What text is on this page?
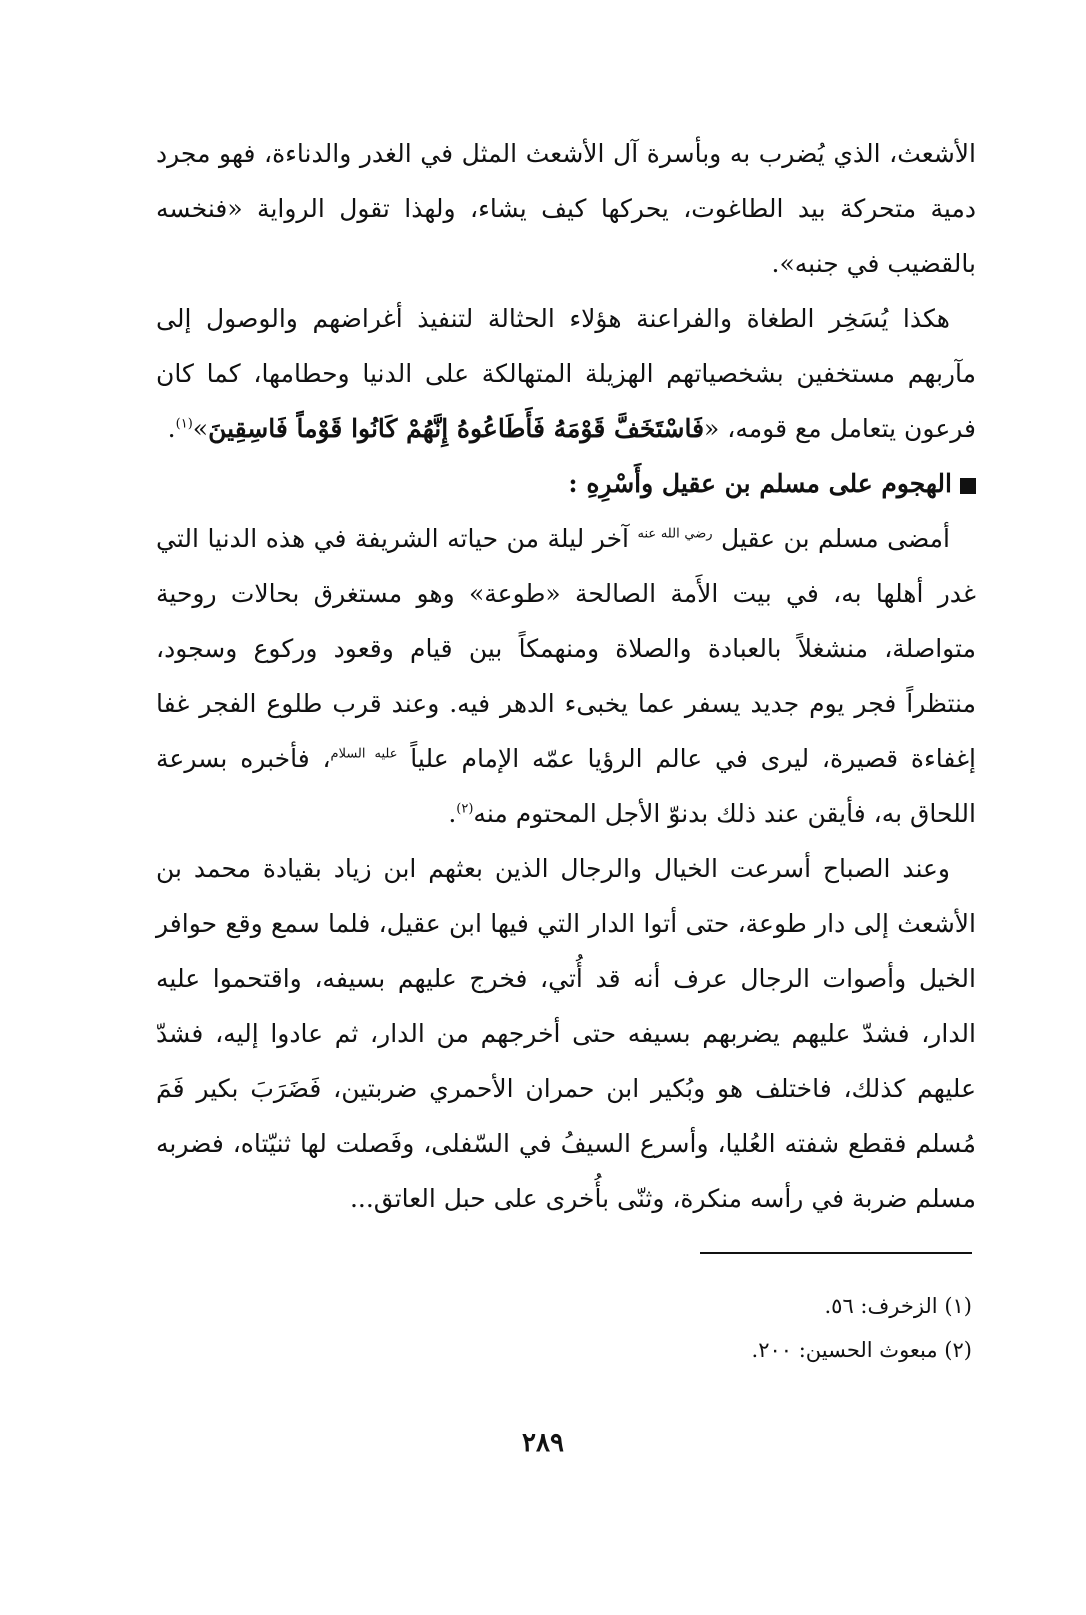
الأشعث، الذي يُضرب به وبأسرة آل الأشعث المثل في الغدر والدناءة، فهو مجرد دمية متحركة بيد الطاغوت، يحركها كيف يشاء، ولهذا تقول الرواية «فنخسه بالقضيب في جنبه».

هكذا يُسَخِر الطغاة والفراعنة هؤلاء الحثالة لتنفيذ أغراضهم والوصول إلى مآربهم مستخفين بشخصياتهم الهزيلة المتهالكة على الدنيا وحطامها، كما كان فرعون يتعامل مع قومه، «فَاسْتَخَفَّ قَوْمَهُ فَأَطَاعُوهُ إِنَّهُمْ كَانُوا قَوْماً فَاسِقِينَ»$^{(١)}$.

الهجوم على مسلم بن عقيل وأَسْرِهِ :

أمضى مسلم بن عقيل $^{رضي الله عنه}$ آخر ليلة من حياته الشريفة في هذه الدنيا التي غدر أهلها به، في بيت الأَمة الصالحة «طوعة» وهو مستغرق بحالات روحية متواصلة، منشغلاً بالعبادة والصلاة ومنهمكاً بين قيام وقعود وركوع وسجود، منتظراً فجر يوم جديد يسفر عما يخبىء الدهر فيه. وعند قرب طلوع الفجر غفا إغفاءة قصيرة، ليرى في عالم الرؤيا عمّه الإمام علياً $^{عليه السلام}$، فأخبره بسرعة اللحاق به، فأيقن عند ذلك بدنوّ الأجل المحتوم منه$^{(٢)}$.

وعند الصباح أسرعت الخيال والرجال الذين بعثهم ابن زياد بقيادة محمد بن الأشعث إلى دار طوعة، حتى أتوا الدار التي فيها ابن عقيل، فلما سمع وقع حوافر الخيل وأصوات الرجال عرف أنه قد أُتي، فخرج عليهم بسيفه، واقتحموا عليه الدار، فشدّ عليهم يضربهم بسيفه حتى أخرجهم من الدار، ثم عادوا إليه، فشدّ عليهم كذلك، فاختلف هو وبُكير ابن حمران الأحمري ضربتين، فَضَرَبَ بكير فَمَ مُسلم فقطع شفته العُليا، وأسرع السيفُ في السّفلى، وفَصلت لها ثنيّتاه، فضربه مسلم ضربة في رأسه منكرة، وثنّى بأُخرى على حبل العاتق...

(١) الزخرف: ٥٦.
(٢) مبعوث الحسين: ٢٠٠.
٢٨٩
